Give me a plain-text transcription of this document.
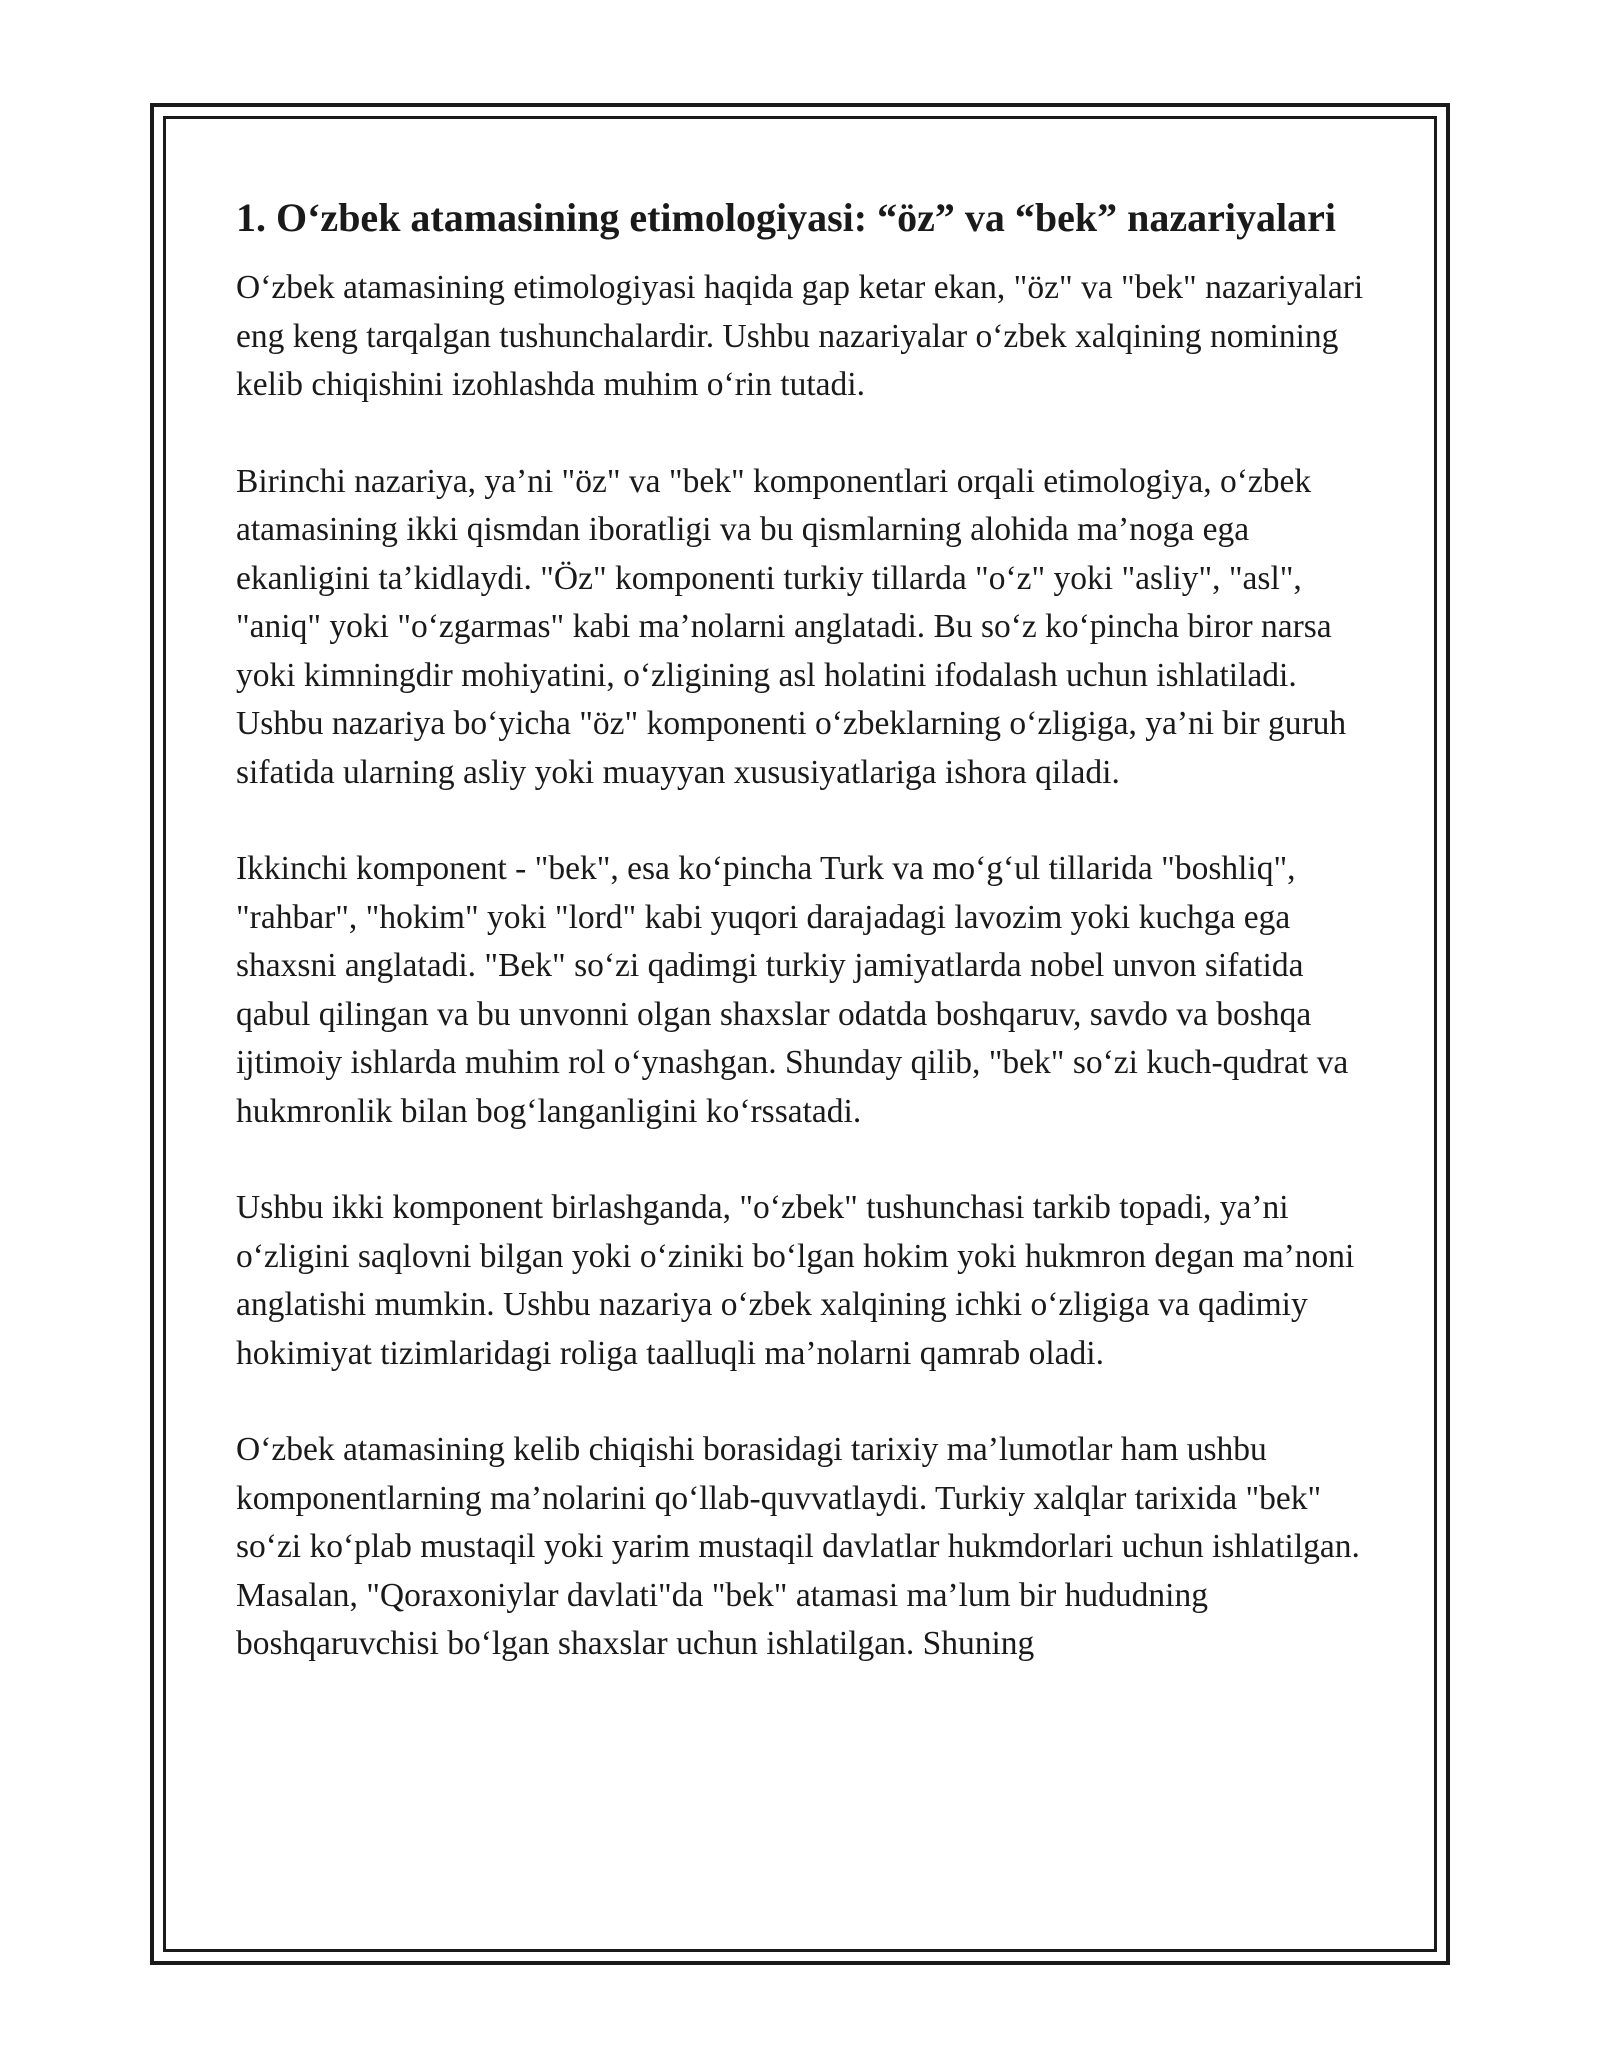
1. O‘zbek atamasining etimologiyasi: “öz” va “bek” nazariyalari

O‘zbek atamasining etimologiyasi haqida gap ketar ekan, "öz" va "bek" nazariyalari eng keng tarqalgan tushunchalardir. Ushbu nazariyalar o‘zbek xalqining nomining kelib chiqishini izohlashda muhim o‘rin tutadi.

Birinchi nazariya, ya’ni "öz" va "bek" komponentlari orqali etimologiya, o‘zbek atamasining ikki qismdan iboratligi va bu qismlarning alohida ma’noga ega ekanligini ta’kidlaydi. "Öz" komponenti turkiy tillarda "o‘z" yoki "asliy", "asl", "aniq" yoki "o‘zgarmas" kabi ma’nolarni anglatadi. Bu so‘z ko‘pincha biror narsa yoki kimningdir mohiyatini, o‘zligining asl holatini ifodalash uchun ishlatiladi. Ushbu nazariya bo‘yicha "öz" komponenti o‘zbeklarning o‘zligiga, ya’ni bir guruh sifatida ularning asliy yoki muayyan xususiyatlariga ishora qiladi.

Ikkinchi komponent - "bek", esa ko‘pincha Turk va mo‘g‘ul tillarida "boshliq", "rahbar", "hokim" yoki "lord" kabi yuqori darajadagi lavozim yoki kuchga ega shaxsni anglatadi. "Bek" so‘zi qadimgi turkiy jamiyatlarda nobel unvon sifatida qabul qilingan va bu unvonni olgan shaxslar odatda boshqaruv, savdo va boshqa ijtimoiy ishlarda muhim rol o‘ynashgan. Shunday qilib, "bek" so‘zi kuch-qudrat va hukmronlik bilan bog‘langanligini ko‘rssatadi.

Ushbu ikki komponent birlashganda, "o‘zbek" tushunchasi tarkib topadi, ya’ni o‘zligini saqlovni bilgan yoki o‘ziniki bo‘lgan hokim yoki hukmron degan ma’noni anglatishi mumkin. Ushbu nazariya o‘zbek xalqining ichki o‘zligiga va qadimiy hokimiyat tizimlaridagi roliga taalluqli ma’nolarni qamrab oladi.

O‘zbek atamasining kelib chiqishi borasidagi tarixiy ma’lumotlar ham ushbu komponentlarning ma’nolarini qo‘llab-quvvatlaydi. Turkiy xalqlar tarixida "bek" so‘zi ko‘plab mustaqil yoki yarim mustaqil davlatlar hukmdorlari uchun ishlatilgan. Masalan, "Qoraxoniylar davlati"da "bek" atamasi ma’lum bir hududning boshqaruvchisi bo‘lgan shaxslar uchun ishlatilgan. Shuning
